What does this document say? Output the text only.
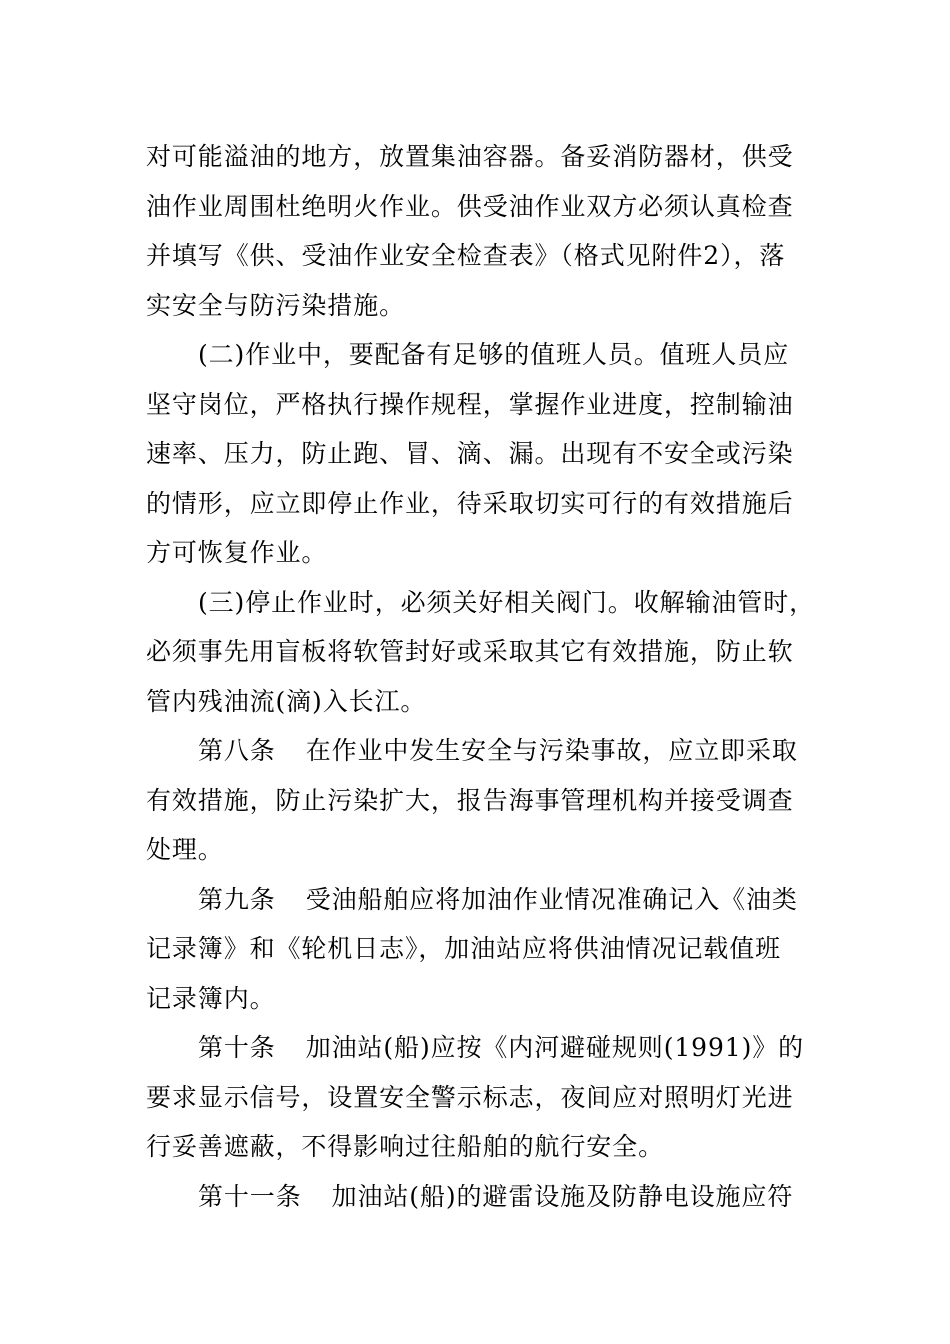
对可能溢油的地方，放置集油容器。备妥消防器材，供受
油作业周围杜绝明火作业。供受油作业双方必须认真检查
并填写《供、受油作业安全检查表》（格式见附件2），落
实安全与防污染措施。
(二)作业中，要配备有足够的值班人员。值班人员应
坚守岗位，严格执行操作规程，掌握作业进度，控制输油
速率、压力，防止跑、冒、滴、漏。出现有不安全或污染
的情形，应立即停止作业，待采取切实可行的有效措施后
方可恢复作业。
(三)停止作业时，必须关好相关阀门。收解输油管时，
必须事先用盲板将软管封好或采取其它有效措施，防止软
管内残油流(滴)入长江。
第八条 在作业中发生安全与污染事故，应立即采取
有效措施，防止污染扩大，报告海事管理机构并接受调查
处理。
第九条 受油船舶应将加油作业情况准确记入《油类
记录簿》和《轮机日志》，加油站应将供油情况记载值班
记录簿内。
第十条 加油站(船)应按《内河避碰规则(1991)》的
要求显示信号，设置安全警示标志，夜间应对照明灯光进
行妥善遮蔽，不得影响过往船舶的航行安全。
第十一条 加油站(船)的避雷设施及防静电设施应符
